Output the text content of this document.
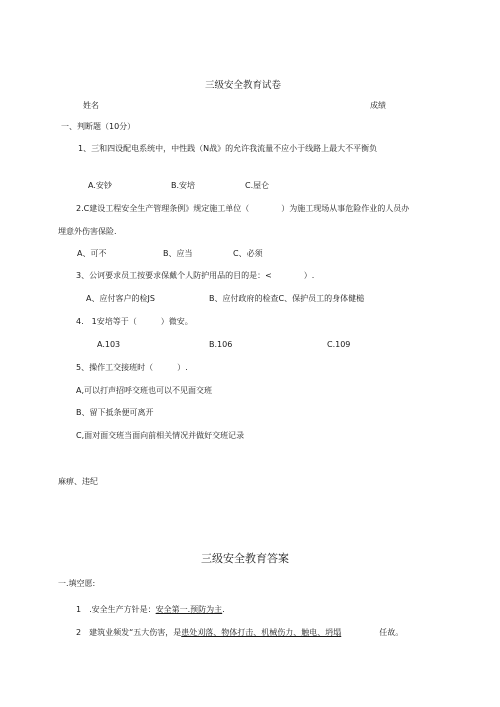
三级安全教育试卷
姓名	成绩
一、判断题（10分）
1、三和四设配电系统中，中性践（N战》的允许我流量不应小于线路上最大不平衡负
A.安钞	B.安培	C.屋仑
2.C建设工程安全生产管理条例》规定施工单位（　　　　）为施工现场从事危险作业的人员办
埋意外伤害保险.
A、可不	B、应当	C、必须
3、公诃要求员工按要求保戴个人防护用品的目的是：<　　　　）.
A、应付客户的检JS	B、应付政府的检查C、保护员工的身体健槌
4.　1安培等于（　　　）微安。
A.103	B.106	C.109
5、操作工交接班时（　　　）.
A,可以打声招呼交班也可以不见面交班
B、留下抵条便可离开
C,面对面交班当面向前相关情况并做好交班记录
麻痹、违纪
三级安全教育答案
一.填空愿:
1　.安全生产方针是：安全第一.预防为主.
2　建筑业频发“五大伤害，是患处刈落、物体打击、机械伤力、触电、坍塌	任故。
